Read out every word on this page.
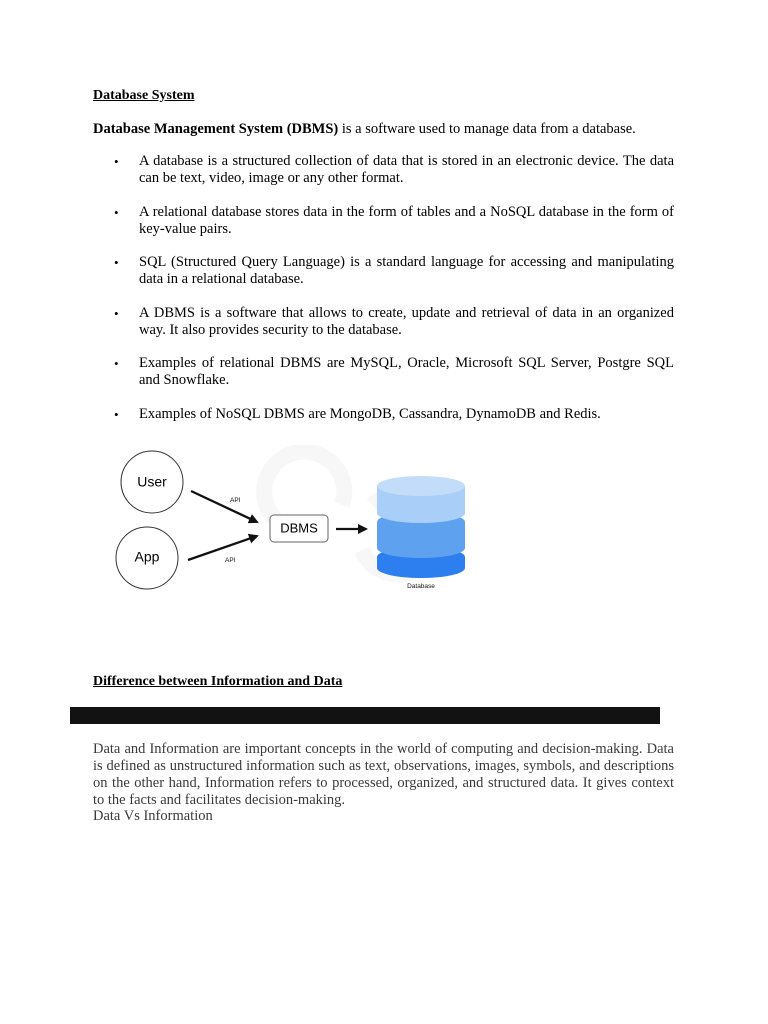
Database System
Database Management System (DBMS) is a software used to manage data from a database.
• A database is a structured collection of data that is stored in an electronic device. The data can be text, video, image or any other format.
• A relational database stores data in the form of tables and a NoSQL database in the form of key-value pairs.
• SQL (Structured Query Language) is a standard language for accessing and manipulating data in a relational database.
• A DBMS is a software that allows to create, update and retrieval of data in an organized way. It also provides security to the database.
• Examples of relational DBMS are MySQL, Oracle, Microsoft SQL Server, Postgre SQL and Snowflake.
• Examples of NoSQL DBMS are MongoDB, Cassandra, DynamoDB and Redis.
User
App
API
API
DBMS
Database
Difference between Information and Data
Data and Information are important concepts in the world of computing and decision-making. Data is defined as unstructured information such as text, observations, images, symbols, and descriptions on the other hand, Information refers to processed, organized, and structured data. It gives context to the facts and facilitates decision-making.
Data Vs Information
